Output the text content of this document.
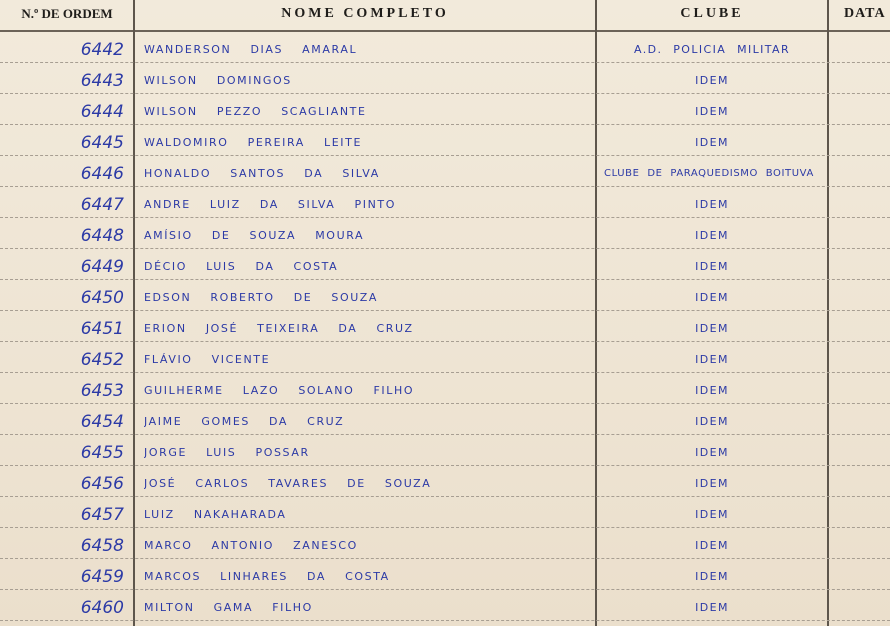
N.º DE ORDEM	NOME COMPLETO	CLUBE	DATA
6442 WANDERSON DIAS AMARAL	A.D. POLICIA MILITAR
6443 WILSON DOMINGOS	IDEM
6444 WILSON PEZZO SCAGLIANTE	IDEM
6445 WALDOMIRO PEREIRA LEITE	IDEM
6446 HONALDO SANTOS DA SILVA	CLUBE DE PARAQUEDISMO BOITUVA
6447 ANDRE LUIZ DA SILVA PINTO	IDEM
6448 AMÍSIO DE SOUZA MOURA	IDEM
6449 DÉCIO LUIS DA COSTA	IDEM
6450 EDSON ROBERTO DE SOUZA	IDEM
6451 ERION JOSÉ TEIXEIRA DA CRUZ	IDEM
6452 FLÁVIO VICENTE	IDEM
6453 GUILHERME LAZO SOLANO FILHO	IDEM
6454 JAIME GOMES DA CRUZ	IDEM
6455 JORGE LUIS POSSAR	IDEM
6456 JOSÉ CARLOS TAVARES DE SOUZA	IDEM
6457 LUIZ NAKAHARADA	IDEM
6458 MARCO ANTONIO ZANESCO	IDEM
6459 MARCOS LINHARES DA COSTA	IDEM
6460 MILTON GAMA FILHO	IDEM
